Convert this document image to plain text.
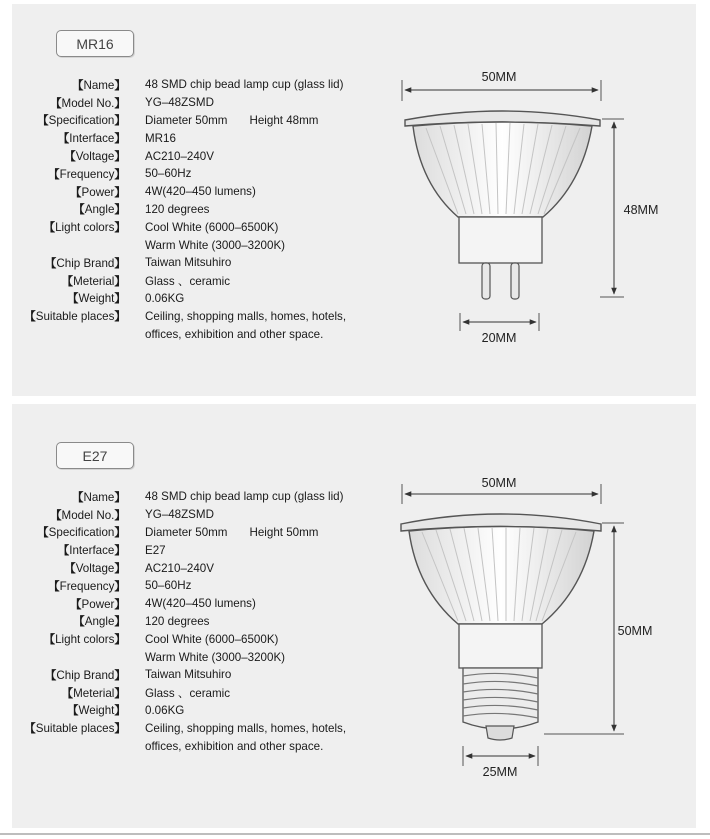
MR16
【 Name 】	48 SMD chip bead lamp cup (glass lid)
【 Model No. 】	YG–48ZSMD
【 Specification 】	Diameter 50mm Height 48mm
【 Interface 】	MR16
【 Voltage 】	AC210–240V
【 Frequency 】	50–60Hz
【 Power 】	4W(420–450 lumens)
【 Angle 】	120 degrees
【 Light colors 】	Cool White (6000–6500K)
Warm White (3000–3200K)
【 Chip Brand 】	Taiwan Mitsuhiro
【 Meterial 】	Glass 、ceramic
【 Weight 】	0.06KG
【 Suitable places 】	Ceiling, shopping malls, homes, hotels,
offices, exhibition and other space.
50MM
48MM
20MM
E27
【 Name 】	48 SMD chip bead lamp cup (glass lid)
【 Model No. 】	YG–48ZSMD
【 Specification 】	Diameter 50mm Height 50mm
【 Interface 】	E27
【 Voltage 】	AC210–240V
【 Frequency 】	50–60Hz
【 Power 】	4W(420–450 lumens)
【 Angle 】	120 degrees
【 Light colors 】	Cool White (6000–6500K)
Warm White (3000–3200K)
【 Chip Brand 】	Taiwan Mitsuhiro
【 Meterial 】	Glass 、ceramic
【 Weight 】	0.06KG
【 Suitable places 】	Ceiling, shopping malls, homes, hotels,
offices, exhibition and other space.
50MM
50MM
25MM
